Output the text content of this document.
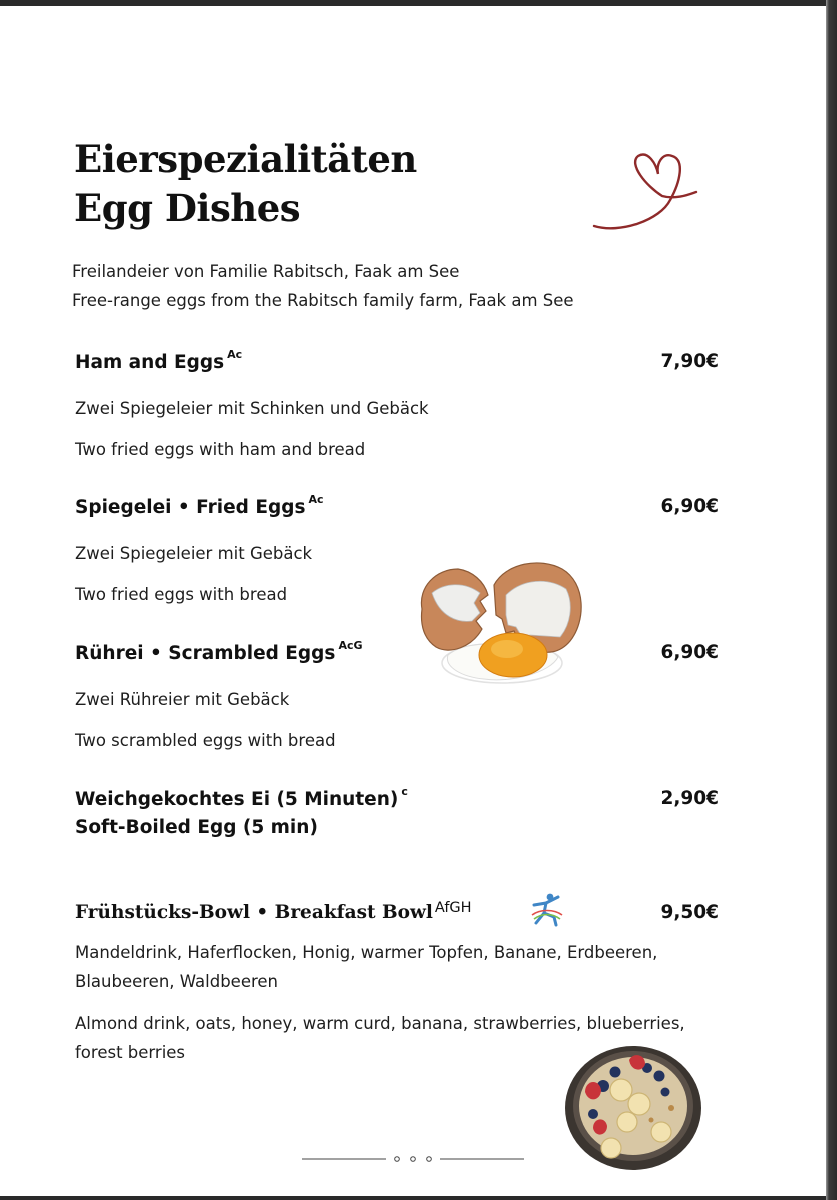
Eierspezialitäten
Egg Dishes
Freilandeier von Familie Rabitsch, Faak am See
Free-range eggs from the Rabitsch family farm, Faak am See
Ham and Eggs $^{Ac}$	7,90€
Zwei Spiegeleier mit Schinken und Gebäck
Two fried eggs with ham and bread
Spiegelei • Fried Eggs $^{Ac}$	6,90€
Zwei Spiegeleier mit Gebäck
Two fried eggs with bread
Rührei • Scrambled Eggs $^{AcG}$	6,90€
Zwei Rühreier mit Gebäck
Two scrambled eggs with bread
Weichgekochtes Ei (5 Minuten) $^c$
Soft-Boiled Egg (5 min)
2,90€
Frühstücks-Bowl • Breakfast Bowl $^{AfGH}$	9,50€
Mandeldrink, Haferflocken, Honig, warmer Topfen, Banane, Erdbeeren,
Blaubeeren, Waldbeeren
Almond drink, oats, honey, warm curd, banana, strawberries, blueberries,
forest berries
